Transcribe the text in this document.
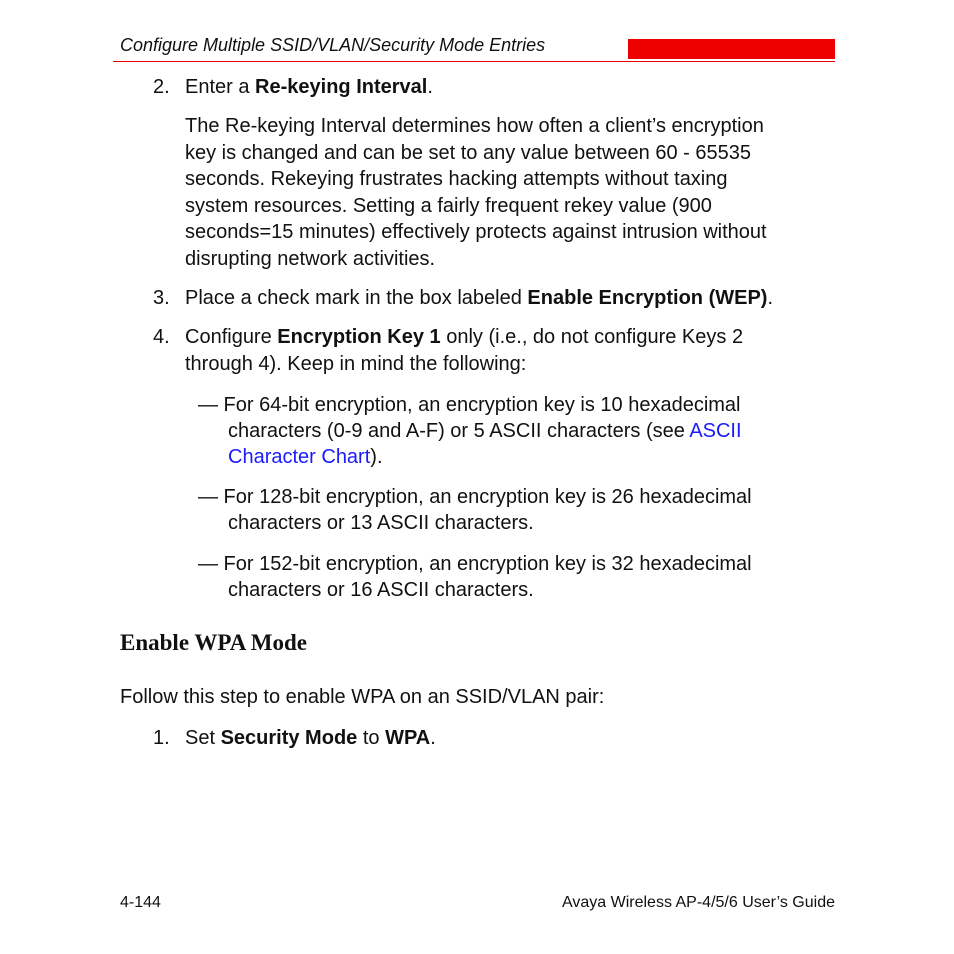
Configure Multiple SSID/VLAN/Security Mode Entries
2. Enter a Re-keying Interval.
The Re-keying Interval determines how often a client’s encryption
key is changed and can be set to any value between 60 - 65535
seconds. Rekeying frustrates hacking attempts without taxing
system resources. Setting a fairly frequent rekey value (900
seconds=15 minutes) effectively protects against intrusion without
disrupting network activities.
3. Place a check mark in the box labeled Enable Encryption (WEP).
4. Configure Encryption Key 1 only (i.e., do not configure Keys 2
through 4). Keep in mind the following:
— For 64-bit encryption, an encryption key is 10 hexadecimal
characters (0-9 and A-F) or 5 ASCII characters (see ASCII
Character Chart).
— For 128-bit encryption, an encryption key is 26 hexadecimal
characters or 13 ASCII characters.
— For 152-bit encryption, an encryption key is 32 hexadecimal
characters or 16 ASCII characters.
Enable WPA Mode
Follow this step to enable WPA on an SSID/VLAN pair:
1. Set Security Mode to WPA.
4-144	Avaya Wireless AP-4/5/6 User’s Guide
